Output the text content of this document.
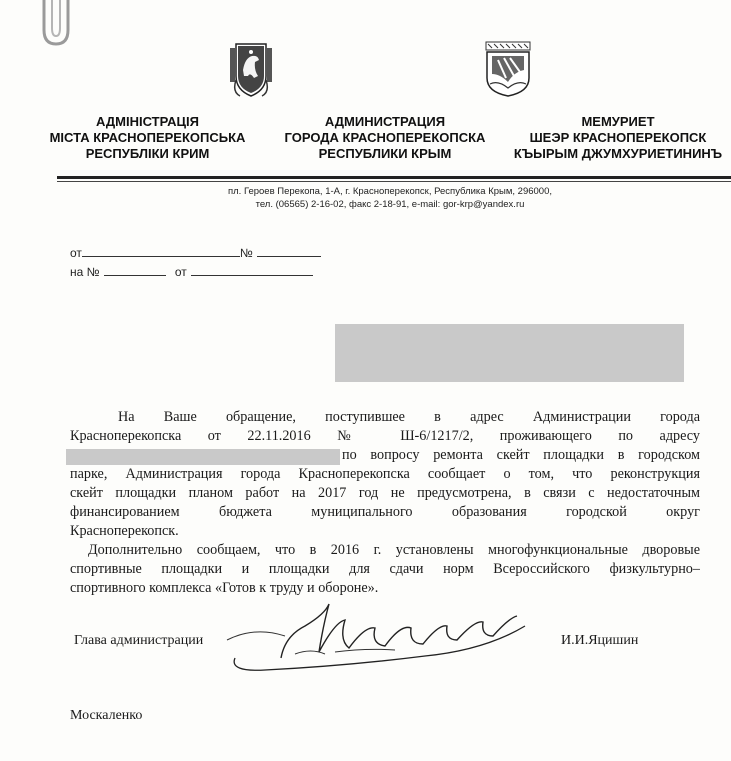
АДМІНІСТРАЦІЯ
МІСТА КРАСНОПЕРЕКОПСЬКА
РЕСПУБЛІКИ КРИМ
АДМИНИСТРАЦИЯ
ГОРОДА КРАСНОПЕРЕКОПСКА
РЕСПУБЛИКИ КРЫМ
МЕМУРИЕТ
ШЕЭР КРАСНОПЕРЕКОПСК
КЪЫРЫМ ДЖУМХУРИЕТИНИНЪ
пл. Героев Перекопа, 1-А, г. Красноперекопск, Республика Крым, 296000,
тел. (06565) 2-16-02, факс 2-18-91, e-mail: gor-krp@yandex.ru
от	№
на №	от
На Ваше обращение, поступившее в адрес Администрации города
Красноперекопска от 22.11.2016 № Ш-6/1217/2, проживающего по адресу
по вопросу ремонта скейт площадки в городском
парке, Администрация города Красноперекопска сообщает о том, что реконструкция
скейт площадки планом работ на 2017 год не предусмотрена, в связи с недостаточным
финансированием бюджета муниципального образования городской округ
Красноперекопск.
Дополнительно сообщаем, что в 2016 г. установлены многофункциональные дворовые
спортивные площадки и площадки для сдачи норм Всероссийского физкультурно–
спортивного комплекса «Готов к труду и обороне».
Глава администрации	И.И.Яцишин
Москаленко
